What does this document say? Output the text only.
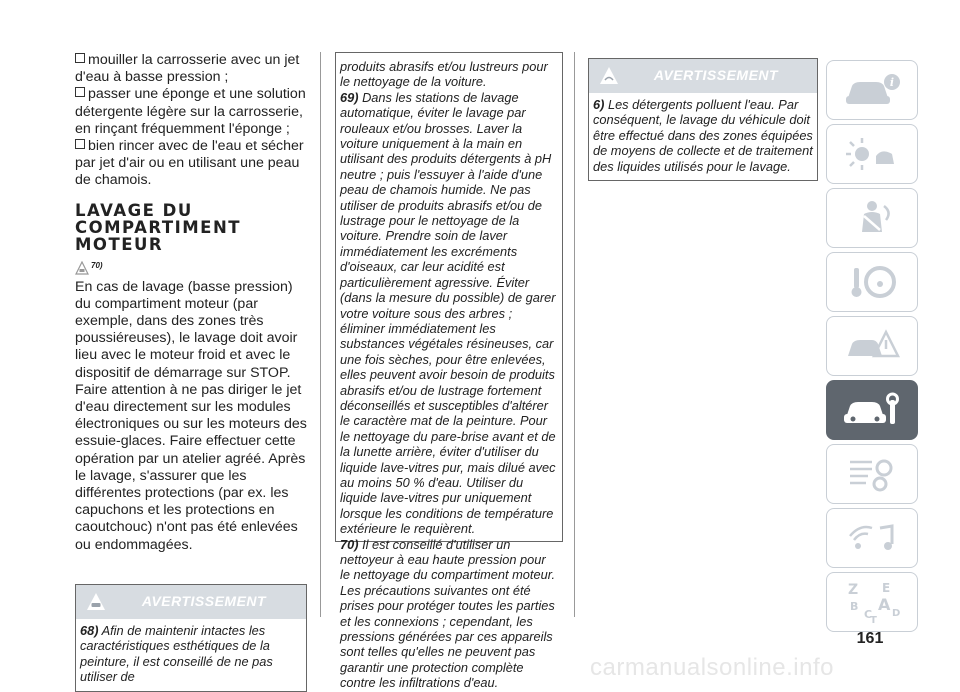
mouiller la carrosserie avec un jet d'eau à basse pression ;

passer une éponge et une solution détergente légère sur la carrosserie, en rinçant fréquemment l'éponge ;

bien rincer avec de l'eau et sécher par jet d'air ou en utilisant une peau de chamois.

LAVAGE DU COMPARTIMENT MOTEUR
70)

En cas de lavage (basse pression) du compartiment moteur (par exemple, dans des zones très poussiéreuses), le lavage doit avoir lieu avec le moteur froid et avec le dispositif de démarrage sur STOP. Faire attention à ne pas diriger le jet d'eau directement sur les modules électroniques ou sur les moteurs des essuie-glaces. Faire effectuer cette opération par un atelier agréé. Après le lavage, s'assurer que les différentes protections (par ex. les capuchons et les protections en caoutchouc) n'ont pas été enlevées ou endommagées.

AVERTISSEMENT

68) Afin de maintenir intactes les caractéristiques esthétiques de la peinture, il est conseillé de ne pas utiliser de

produits abrasifs et/ou lustreurs pour le nettoyage de la voiture.

69) Dans les stations de lavage automatique, éviter le lavage par rouleaux et/ou brosses. Laver la voiture uniquement à la main en utilisant des produits détergents à pH neutre ; puis l'essuyer à l'aide d'une peau de chamois humide. Ne pas utiliser de produits abrasifs et/ou de lustrage pour le nettoyage de la voiture. Prendre soin de laver immédiatement les excréments d'oiseaux, car leur acidité est particulièrement agressive. Éviter (dans la mesure du possible) de garer votre voiture sous des arbres ; éliminer immédiatement les substances végétales résineuses, car une fois sèches, pour être enlevées, elles peuvent avoir besoin de produits abrasifs et/ou de lustrage fortement déconseillés et susceptibles d'altérer le caractère mat de la peinture. Pour le nettoyage du pare-brise avant et de la lunette arrière, éviter d'utiliser du liquide lave-vitres pur, mais dilué avec au moins 50 % d'eau. Utiliser du liquide lave-vitres pur uniquement lorsque les conditions de température extérieure le requièrent.

70) Il est conseillé d'utiliser un nettoyeur à eau haute pression pour le nettoyage du compartiment moteur. Les précautions suivantes ont été prises pour protéger toutes les parties et les connexions ; cependant, les pressions générées par ces appareils sont telles qu'elles ne peuvent pas garantir une protection complète contre les infiltrations d'eau.

AVERTISSEMENT

6) Les détergents polluent l'eau. Par conséquent, le lavage du véhicule doit être effectué dans des zones équipées de moyens de collecte et de traitement des liquides utilisés pour le lavage.

i
Z E
B A
C
T
D
161
carmanualsonline.info
